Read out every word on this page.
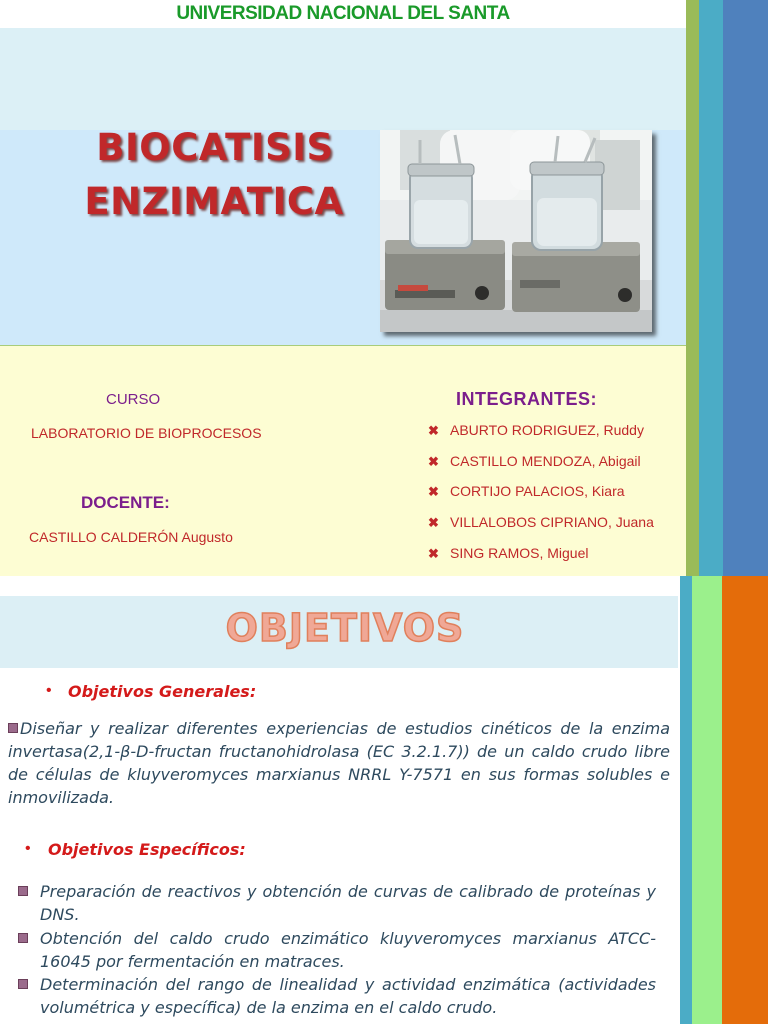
UNIVERSIDAD NACIONAL DEL SANTA
BIOCATISIS
ENZIMATICA
CURSO
LABORATORIO DE BIOPROCESOS
DOCENTE:
CASTILLO CALDERÓN Augusto
INTEGRANTES:
✖ ABURTO RODRIGUEZ, Ruddy
✖ CASTILLO MENDOZA, Abigail
✖ CORTIJO PALACIOS, Kiara
✖ VILLALOBOS CIPRIANO, Juana
✖ SING RAMOS, Miguel
OBJETIVOS
• Objetivos Generales:
Diseñar y realizar diferentes experiencias de estudios cinéticos de la enzima invertasa(2,1-β-D-fructan fructanohidrolasa (EC 3.2.1.7)) de un caldo crudo libre de células de kluyveromyces marxianus NRRL Y-7571 en sus formas solubles e inmovilizada.
• Objetivos Específicos:
Preparación de reactivos y obtención de curvas de calibrado de proteínas y DNS.
Obtención del caldo crudo enzimático kluyveromyces marxianus ATCC-16045 por fermentación en matraces.
Determinación del rango de linealidad y actividad enzimática (actividades volumétrica y específica) de la enzima en el caldo crudo.
